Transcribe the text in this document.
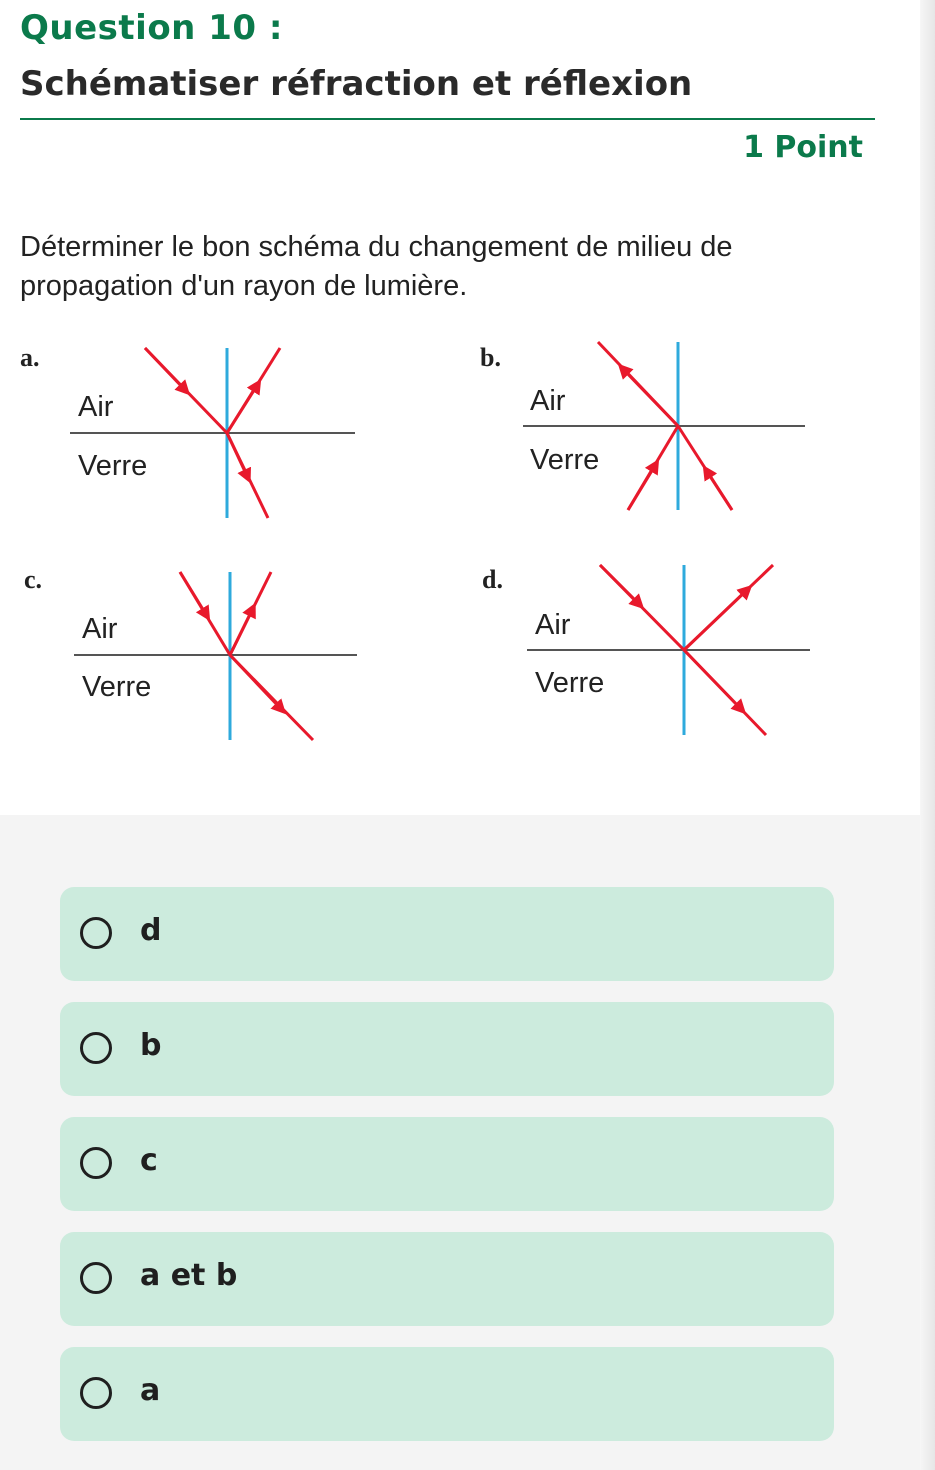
Question 10 :
Schématiser réfraction et réflexion
1 Point
Déterminer le bon schéma du changement de milieu de propagation d'un rayon de lumière.
a.
Air
Verre
b.
Air
Verre
c.
Air
Verre
d.
Air
Verre
d
b
c
a et b
a
